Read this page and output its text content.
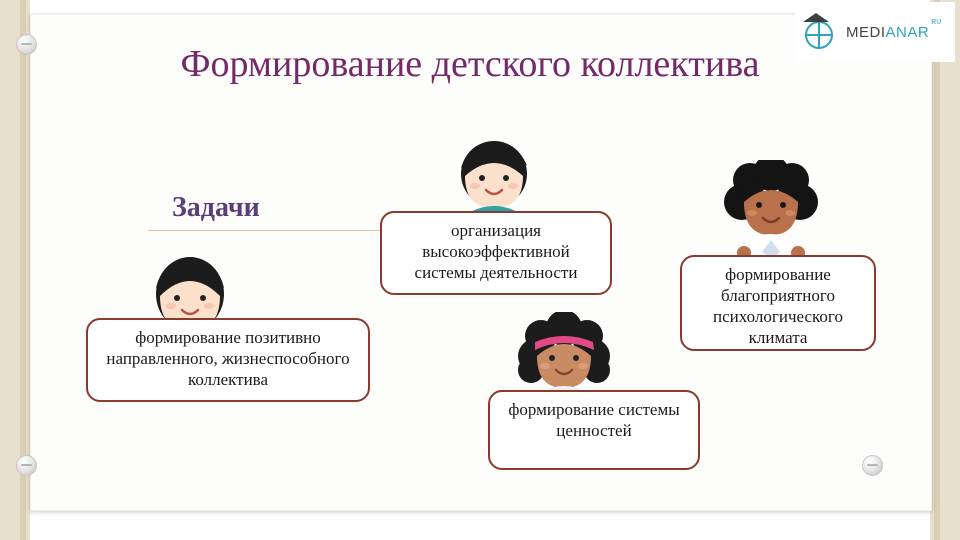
Формирование детского коллектива
Задачи
MEDIANAR
RU
формирование позитивно направленного, жизнеспособного коллектива
организация высокоэффективной системы деятельности
формирование системы ценностей
формирование благоприятного психологического климата
